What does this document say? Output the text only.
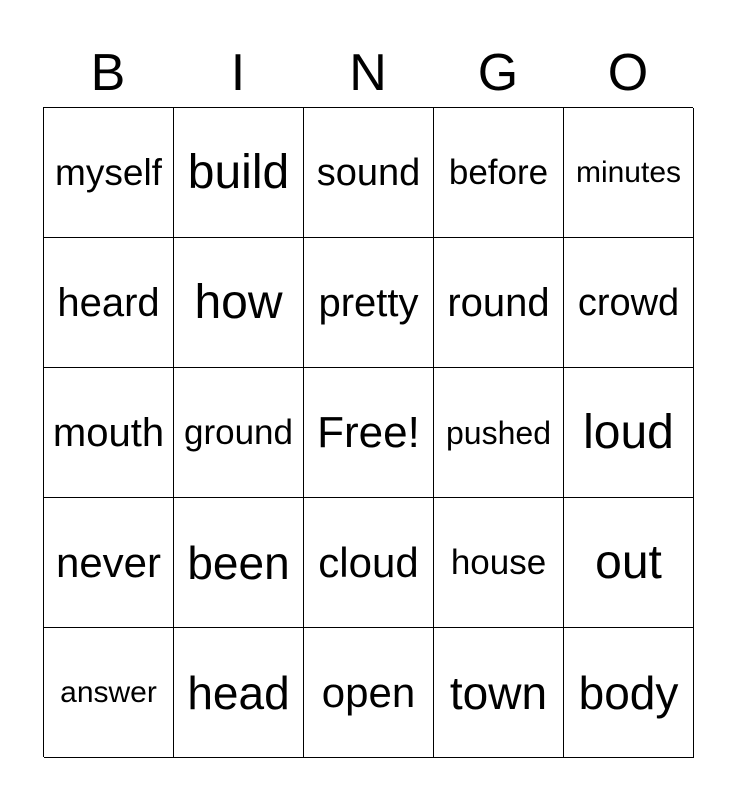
B	I	N	G	O
myself build sound before minutes
heard how pretty round crowd
mouth ground Free! pushed loud
never been cloud house	out
answer head open town body
